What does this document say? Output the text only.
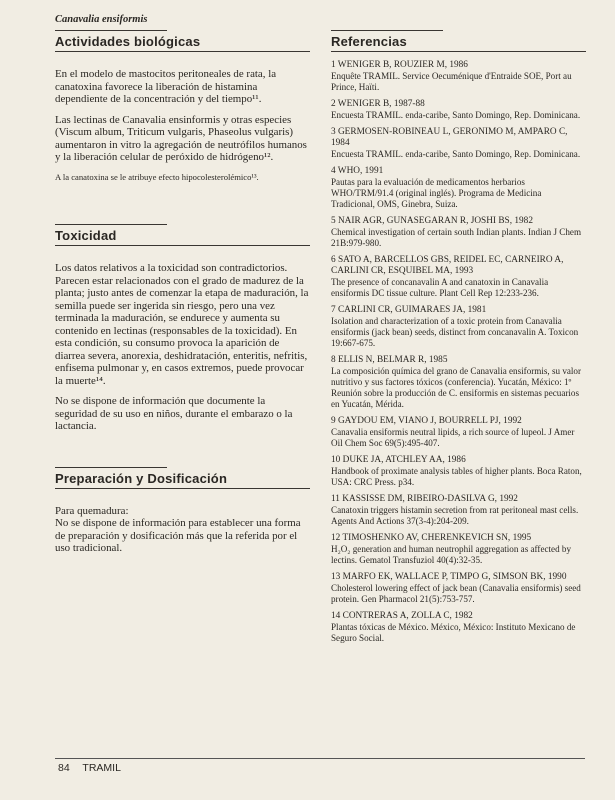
Canavalia ensiformis
Actividades biológicas

En el modelo de mastocitos peritoneales de rata, la canatoxina favorece la liberación de histamina dependiente de la concentración y del tiempo¹¹.

Las lectinas de Canavalia ensinformis y otras especies (Viscum album, Triticum vulgaris, Phaseolus vulgaris) aumentaron in vitro la agregación de neutrófilos humanos y la liberación celular de peróxido de hidrógeno¹².

A la canatoxina se le atribuye efecto hipocolesterolémico¹³.

Toxicidad

Los datos relativos a la toxicidad son contradictorios. Parecen estar relacionados con el grado de madurez de la planta; justo antes de comenzar la etapa de maduración, la semilla puede ser ingerida sin riesgo, pero una vez terminada la maduración, se endurece y aumenta su contenido en lectinas (responsables de la toxicidad). En esta condición, su consumo provoca la aparición de diarrea severa, anorexia, deshidratación, enteritis, nefritis, enfisema pulmonar y, en casos extremos, puede provocar la muerte¹⁴.

No se dispone de información que documente la seguridad de su uso en niños, durante el embarazo o la lactancia.

Preparación y Dosificación

Para quemadura:

No se dispone de información para establecer una forma de preparación y dosificación más que la referida por el uso tradicional.

Referencias
1 WENIGER B, ROUZIER M, 1986
Enquête TRAMIL. Service Oecuménique d'Entraide SOE, Port au Prince, Haïti.
2 WENIGER B, 1987-88
Encuesta TRAMIL. enda-caribe, Santo Domingo, Rep. Dominicana.
3 GERMOSEN-ROBINEAU L, GERONIMO M, AMPARO C, 1984
Encuesta TRAMIL. enda-caribe, Santo Domingo, Rep. Dominicana.
4 WHO, 1991
Pautas para la evaluación de medicamentos herbarios WHO/TRM/91.4 (original inglés). Programa de Medicina Tradicional, OMS, Ginebra, Suiza.
5 NAIR AGR, GUNASEGARAN R, JOSHI BS, 1982
Chemical investigation of certain south Indian plants. Indian J Chem 21B:979-980.
6 SATO A, BARCELLOS GBS, REIDEL EC, CARNEIRO A, CARLINI CR, ESQUIBEL MA, 1993
The presence of concanavalin A and canatoxin in Canavalia ensiformis DC tissue culture. Plant Cell Rep 12:233-236.
7 CARLINI CR, GUIMARAES JA, 1981
Isolation and characterization of a toxic protein from Canavalia ensiformis (jack bean) seeds, distinct from concanavalin A. Toxicon 19:667-675.
8 ELLIS N, BELMAR R, 1985
La composición química del grano de Canavalia ensiformis, su valor nutritivo y sus factores tóxicos (conferencia). Yucatán, México: 1º Reunión sobre la producción de C. ensiformis en sistemas pecuarios en Yucatán, Mérida.
9 GAYDOU EM, VIANO J, BOURRELL PJ, 1992
Canavalia ensiformis neutral lipids, a rich source of lupeol. J Amer Oil Chem Soc 69(5):495-407.
10 DUKE JA, ATCHLEY AA, 1986
Handbook of proximate analysis tables of higher plants. Boca Raton, USA: CRC Press. p34.
11 KASSISSE DM, RIBEIRO-DASILVA G, 1992
Canatoxin triggers histamin secretion from rat peritoneal mast cells. Agents And Actions 37(3-4):204-209.
12 TIMOSHENKO AV, CHERENKEVICH SN, 1995
H₂O₂ generation and human neutrophil aggregation as affected by lectins. Gematol Transfuziol 40(4):32-35.
13 MARFO EK, WALLACE P, TIMPO G, SIMSON BK, 1990
Cholesterol lowering effect of jack bean (Canavalia ensiformis) seed protein. Gen Pharmacol 21(5):753-757.
14 CONTRERAS A, ZOLLA C, 1982
Plantas tóxicas de México. México, México: Instituto Mexicano de Seguro Social.
84 TRAMIL
